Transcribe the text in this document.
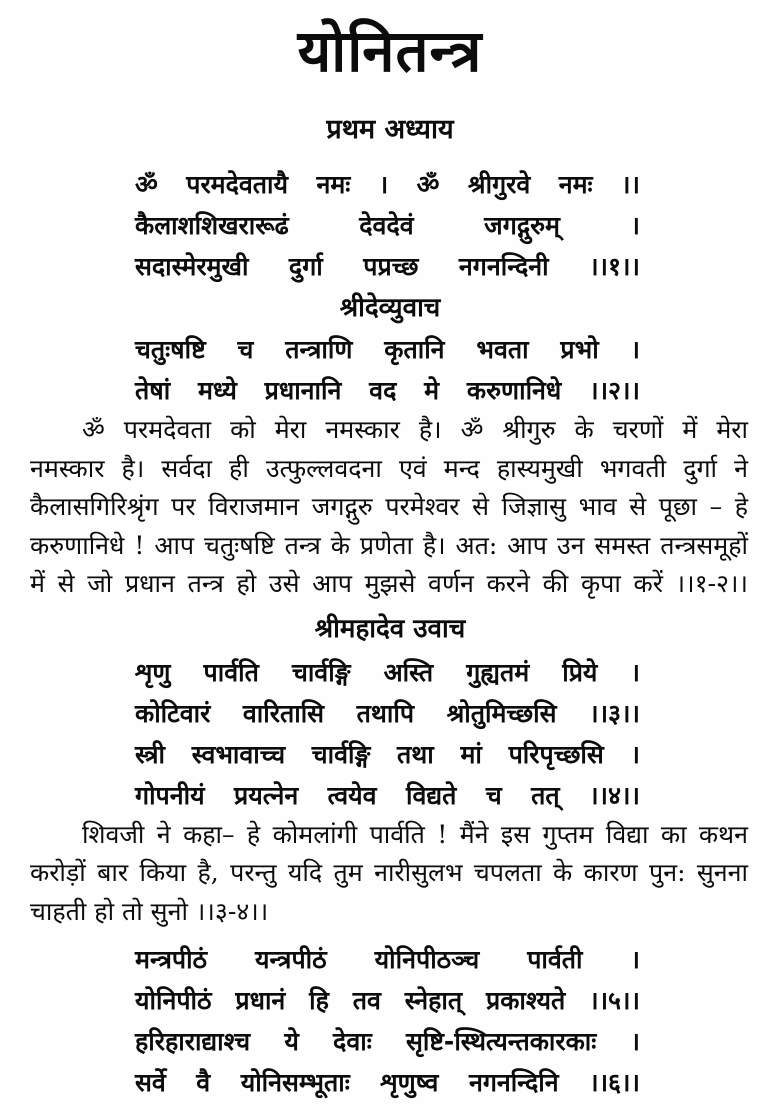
योनितन्त्र
प्रथम अध्याय
ॐ परमदेवतायै नमः । ॐ श्रीगुरवे नमः ।।
कैलाशशिखरारूढं देवदेवं जगद्गुरुम् ।
सदास्मेरमुखी दुर्गा पप्रच्छ नगनन्दिनी ।।१।।
श्रीदेव्युवाच
चतुःषष्टि च तन्त्राणि कृतानि भवता प्रभो ।
तेषां मध्ये प्रधानानि वद मे करुणानिधे ।।२।।
ॐ परमदेवता को मेरा नमस्कार है। ॐ श्रीगुरु के चरणों में मेरा
नमस्कार है। सर्वदा ही उत्फुल्लवदना एवं मन्द हास्यमुखी भगवती दुर्गा ने
कैलासगिरिश्रृंग पर विराजमान जगद्गुरु परमेश्वर से जिज्ञासु भाव से पूछा – हे
करुणानिधे ! आप चतुःषष्टि तन्त्र के प्रणेता है। अत: आप उन समस्त तन्त्रसमूहों
में से जो प्रधान तन्त्र हो उसे आप मुझसे वर्णन करने की कृपा करें ।।१-२।।
श्रीमहादेव उवाच
शृणु पार्वति चार्वङ्गि अस्ति गुह्यतमं प्रिये ।
कोटिवारं वारितासि तथापि श्रोतुमिच्छसि ।।३।।
स्त्री स्वभावाच्च चार्वङ्गि तथा मां परिपृच्छसि ।
गोपनीयं प्रयत्नेन त्वयेव विद्यते च तत् ।।४।।
शिवजी ने कहा– हे कोमलांगी पार्वति ! मैंने इस गुप्तम विद्या का कथन
करोड़ों बार किया है, परन्तु यदि तुम नारीसुलभ चपलता के कारण पुन: सुनना
चाहती हो तो सुनो ।।३-४।।
मन्त्रपीठं यन्त्रपीठं योनिपीठञ्च पार्वती ।
योनिपीठं प्रधानं हि तव स्नेहात् प्रकाश्यते ।।५।।
हरिहाराद्याश्च ये देवाः सृष्टि-स्थित्यन्तकारकाः ।
सर्वे वै योनिसम्भूताः शृणुष्व नगनन्दिनि ।।६।।
